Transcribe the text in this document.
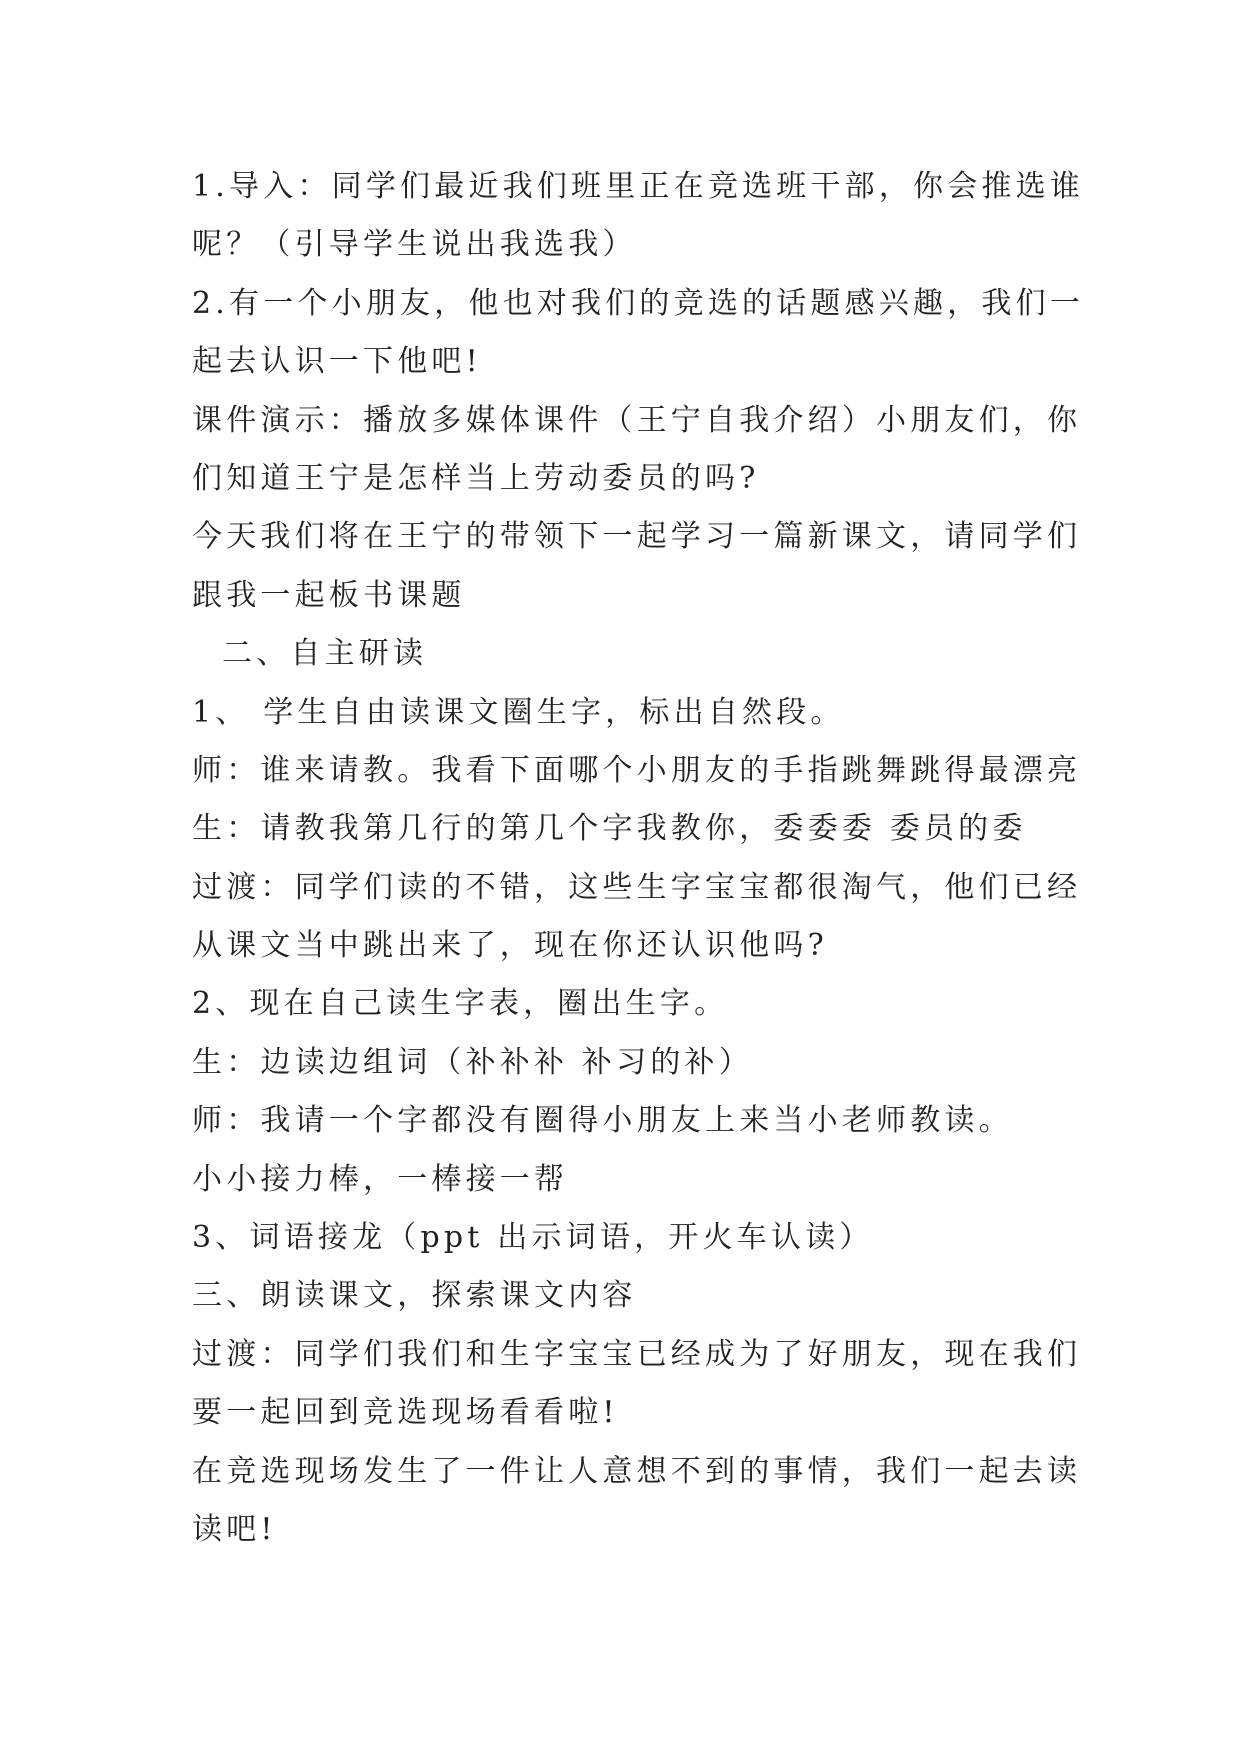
1.导入：同学们最近我们班里正在竞选班干部，你会推选谁
呢？（引导学生说出我选我）
2.有一个小朋友，他也对我们的竞选的话题感兴趣，我们一
起去认识一下他吧!
课件演示：播放多媒体课件（王宁自我介绍）小朋友们，你
们知道王宁是怎样当上劳动委员的吗?
今天我们将在王宁的带领下一起学习一篇新课文，请同学们
跟我一起板书课题
二、自主研读
1、 学生自由读课文圈生字，标出自然段。
师：谁来请教。我看下面哪个小朋友的手指跳舞跳得最漂亮
生：请教我第几行的第几个字我教你，委委委 委员的委
过渡：同学们读的不错，这些生字宝宝都很淘气，他们已经
从课文当中跳出来了，现在你还认识他吗?
2、现在自己读生字表，圈出生字。
生：边读边组词（补补补 补习的补）
师：我请一个字都没有圈得小朋友上来当小老师教读。
小小接力棒，一棒接一帮
3、词语接龙（ppt 出示词语，开火车认读）
三、朗读课文，探索课文内容
过渡：同学们我们和生字宝宝已经成为了好朋友，现在我们
要一起回到竞选现场看看啦!
在竞选现场发生了一件让人意想不到的事情，我们一起去读
读吧!
